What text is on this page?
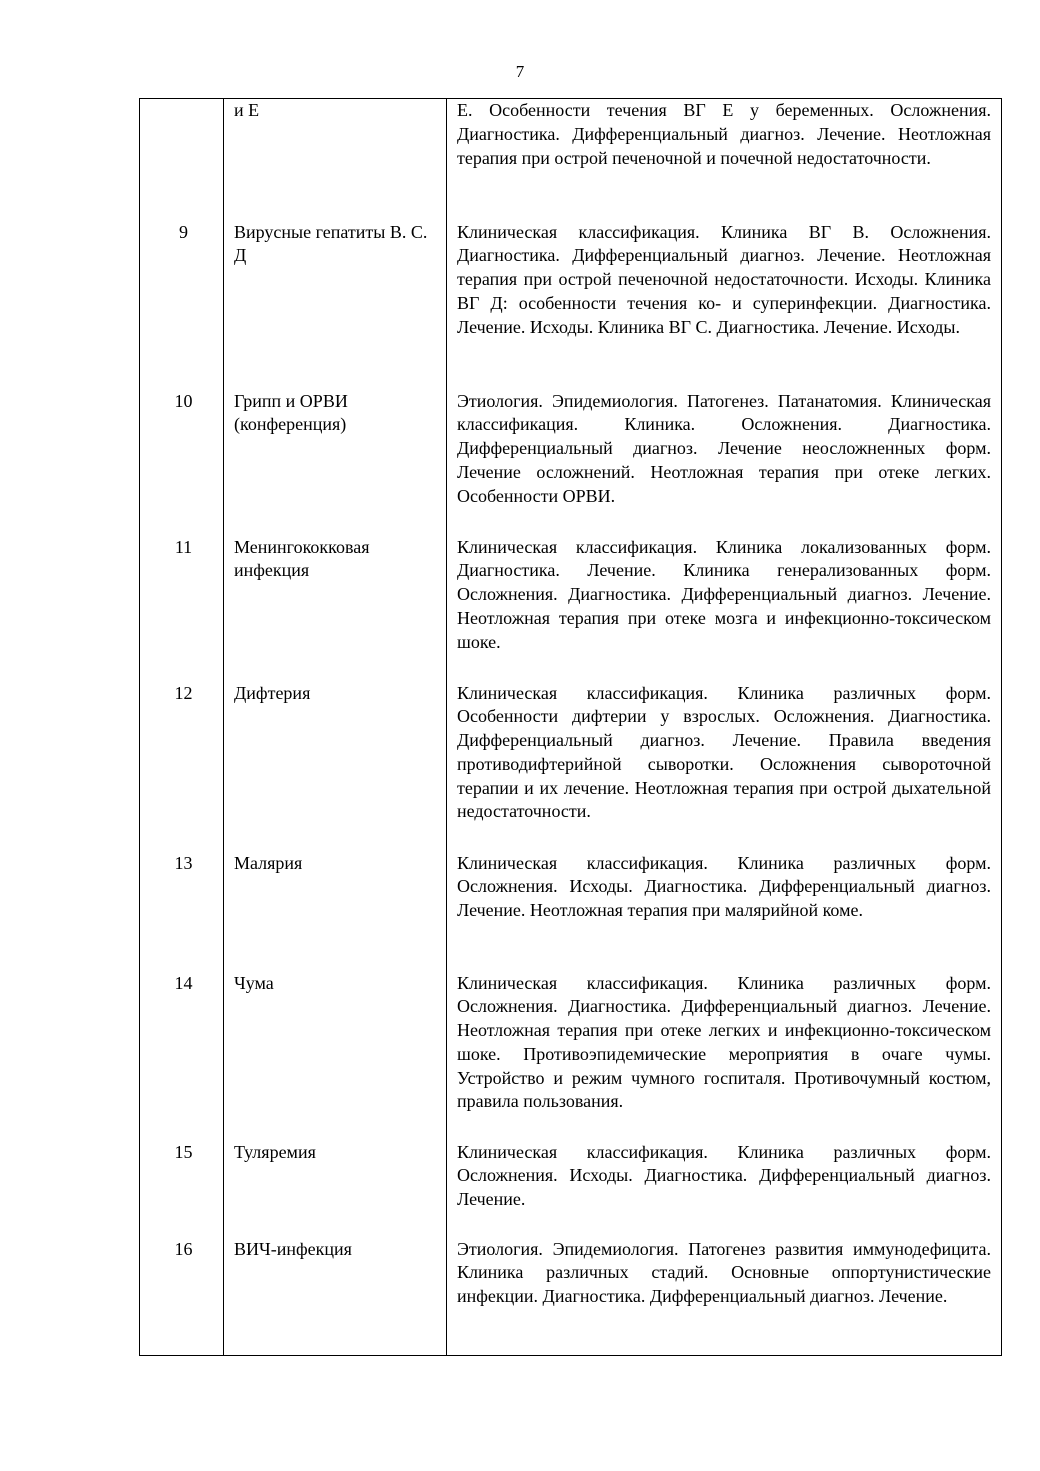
7
	и Е	Е. Особенности течения ВГ Е у беременных. Осложнения. Диагностика. Дифференциальный диагноз. Лечение. Неотложная терапия при острой печеночной и почечной недостаточности.
9	Вирусные гепатиты В. С. Д	Клиническая классификация. Клиника ВГ В. Осложнения. Диагностика. Дифференциальный диагноз. Лечение. Неотложная терапия при острой печеночной недостаточности. Исходы. Клиника ВГ Д: особенности течения ко- и суперинфекции. Диагностика. Лечение. Исходы. Клиника ВГ С. Диагностика. Лечение. Исходы.
10	Грипп и ОРВИ (конференция)	Этиология. Эпидемиология. Патогенез. Патанатомия. Клиническая классификация. Клиника. Осложнения. Диагностика. Дифференциальный диагноз. Лечение неосложненных форм. Лечение осложнений. Неотложная терапия при отеке легких. Особенности ОРВИ.
11	Менингококковая инфекция	Клиническая классификация. Клиника локализованных форм. Диагностика. Лечение. Клиника генерализованных форм. Осложнения. Диагностика. Дифференциальный диагноз. Лечение. Неотложная терапия при отеке мозга и инфекционно-токсическом шоке.
12	Дифтерия	Клиническая классификация. Клиника различных форм. Особенности дифтерии у взрослых. Осложнения. Диагностика. Дифференциальный диагноз. Лечение. Правила введения противодифтерийной сыворотки. Осложнения сывороточной терапии и их лечение. Неотложная терапия при острой дыхательной недостаточности.
13	Малярия	Клиническая классификация. Клиника различных форм. Осложнения. Исходы. Диагностика. Дифференциальный диагноз. Лечение. Неотложная терапия при малярийной коме.
14	Чума	Клиническая классификация. Клиника различных форм. Осложнения. Диагностика. Дифференциальный диагноз. Лечение. Неотложная терапия при отеке легких и инфекционно-токсическом шоке. Противоэпидемические мероприятия в очаге чумы. Устройство и режим чумного госпиталя. Противочумный костюм, правила пользования.
15	Туляремия	Клиническая классификация. Клиника различных форм. Осложнения. Исходы. Диагностика. Дифференциальный диагноз. Лечение.
16	ВИЧ-инфекция	Этиология. Эпидемиология. Патогенез развития иммунодефицита. Клиника различных стадий. Основные оппортунистические инфекции. Диагностика. Дифференциальный диагноз. Лечение.
